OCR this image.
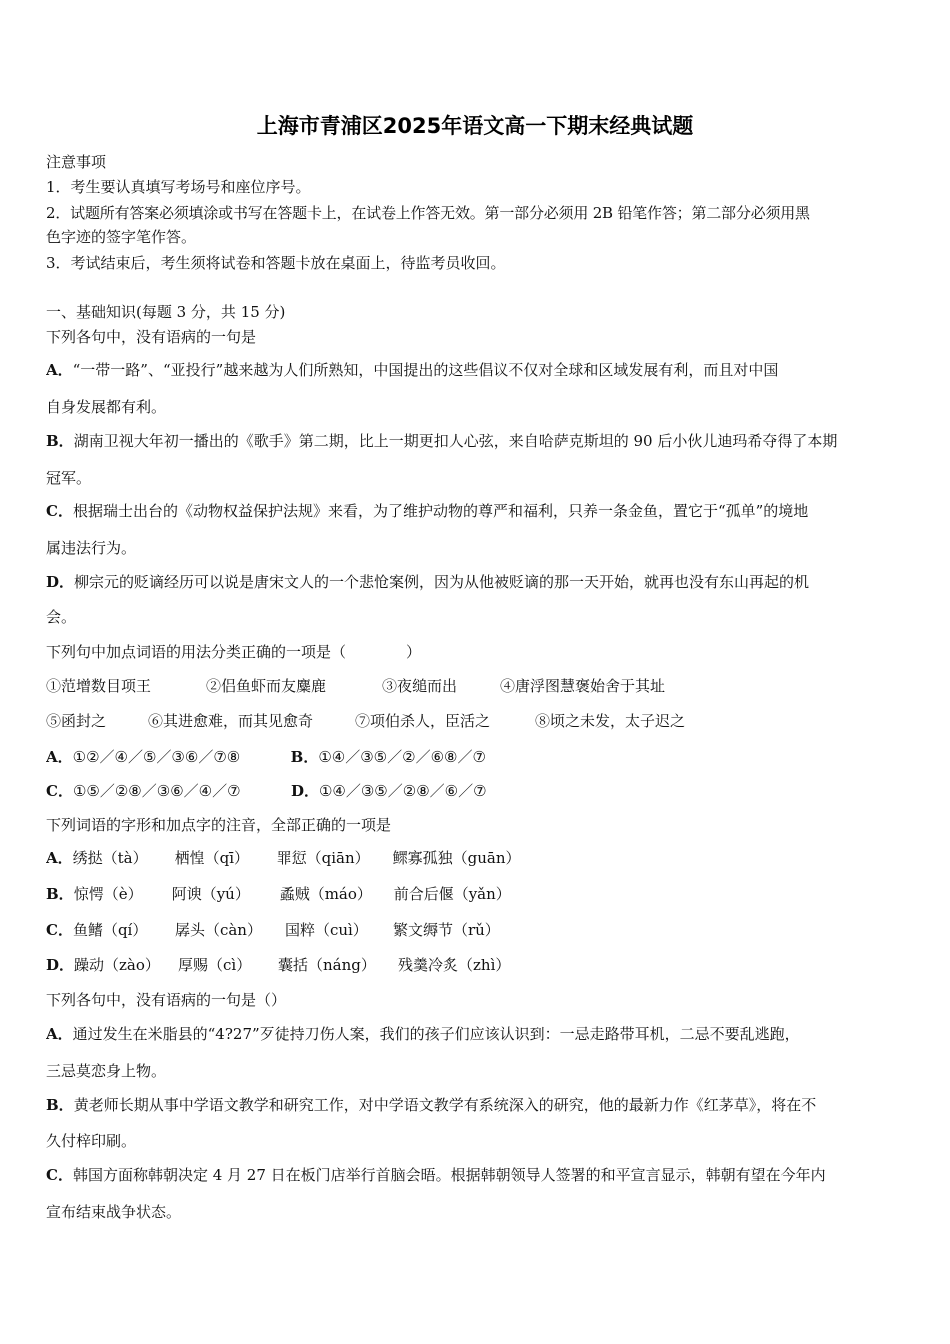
上海市青浦区2025年语文高一下期末经典试题
注意事项
1．考生要认真填写考场号和座位序号。
2．试题所有答案必须填涂或书写在答题卡上，在试卷上作答无效。第一部分必须用 2B 铅笔作答；第二部分必须用黑
色字迹的签字笔作答。
3．考试结束后，考生须将试卷和答题卡放在桌面上，待监考员收回。
一、基础知识(每题 3 分，共 15 分)
下列各句中，没有语病的一句是
A．“一带一路”、“亚投行”越来越为人们所熟知，中国提出的这些倡议不仅对全球和区域发展有利，而且对中国
自身发展都有利。
B．湖南卫视大年初一播出的《歌手》第二期，比上一期更扣人心弦，来自哈萨克斯坦的 90 后小伙儿迪玛希夺得了本期
冠军。
C．根据瑞士出台的《动物权益保护法规》来看，为了维护动物的尊严和福利，只养一条金鱼，置它于“孤单”的境地
属违法行为。
D．柳宗元的贬谪经历可以说是唐宋文人的一个悲怆案例，因为从他被贬谪的那一天开始，就再也没有东山再起的机
会。
下列句中加点词语的用法分类正确的一项是（　　　　）
①范增数目项王	②侣鱼虾而友麋鹿	③夜缒而出	④唐浮图慧褒始舍于其址
⑤函封之	⑥其进愈难，而其见愈奇	⑦项伯杀人，臣活之	⑧顷之未发，太子迟之
A．①②／④／⑤／③⑥／⑦⑧	B．①④／③⑤／②／⑥⑧／⑦
C．①⑤／②⑧／③⑥／④／⑦	D．①④／③⑤／②⑧／⑥／⑦
下列词语的字形和加点字的注音，全部正确的一项是
A．绣挞（tà） 栖惶（qī） 罪愆（qiān） 鳏寡孤独（guān）
B．惊愕（è） 阿谀（yú） 蟊贼（máo） 前合后偃（yǎn）
C．鱼鳍（qí） 孱头（càn） 国粹（cuì） 繁文缛节（rǔ）
D．躁动（zào） 厚赐（cì） 囊括（náng） 残羹冷炙（zhì）
下列各句中，没有语病的一句是（）
A．通过发生在米脂县的“4?27”歹徒持刀伤人案，我们的孩子们应该认识到：一忌走路带耳机，二忌不要乱逃跑，
三忌莫恋身上物。
B．黄老师长期从事中学语文教学和研究工作，对中学语文教学有系统深入的研究，他的最新力作《红茅草》，将在不
久付梓印刷。
C．韩国方面称韩朝决定 4 月 27 日在板门店举行首脑会晤。根据韩朝领导人签署的和平宣言显示，韩朝有望在今年内
宣布结束战争状态。
